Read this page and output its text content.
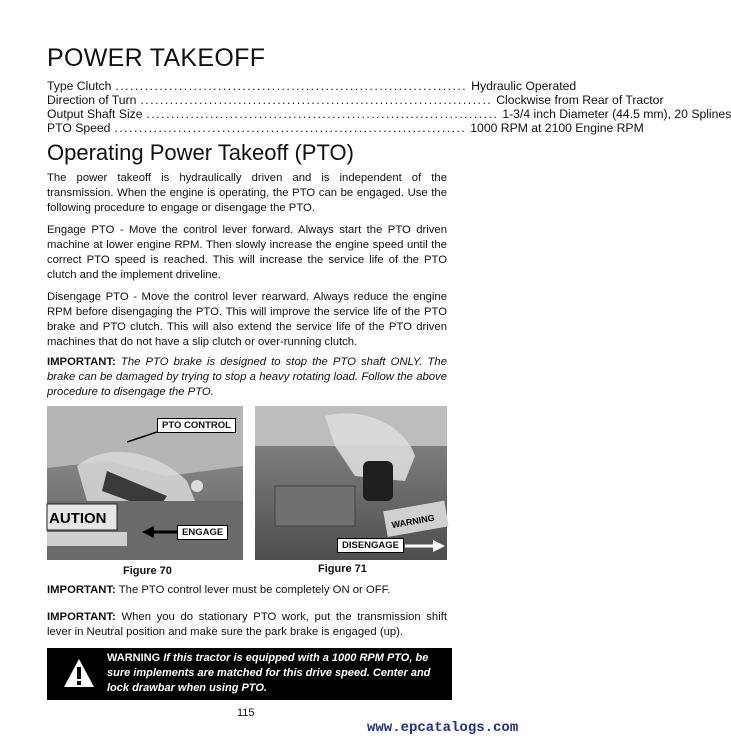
POWER TAKEOFF
Type Clutch ........................................................................ Hydraulic Operated
Direction of Turn ........................................................................ Clockwise from Rear of Tractor
Output Shaft Size ........................................................................ 1-3/4 inch Diameter (44.5 mm), 20 Splines
PTO Speed ........................................................................ 1000 RPM at 2100 Engine RPM
Operating Power Takeoff (PTO)
The power takeoff is hydraulically driven and is independent of the transmission. When the engine is operating, the PTO can be engaged. Use the following procedure to engage or disengage the PTO.
Engage PTO - Move the control lever forward. Always start the PTO driven machine at lower engine RPM. Then slowly increase the engine speed until the correct PTO speed is reached. This will increase the service life of the PTO clutch and the implement driveline.
Disengage PTO - Move the control lever rearward. Always reduce the engine RPM before disengaging the PTO. This will improve the service life of the PTO brake and PTO clutch. This will also extend the service life of the PTO driven machines that do not have a slip clutch or over-running clutch.
IMPORTANT: The PTO brake is designed to stop the PTO shaft ONLY. The brake can be damaged by trying to stop a heavy rotating load. Follow the above procedure to disengage the PTO.
AUTION
PTO CONTROL
ENGAGE
Figure 70
WARNING
DISENGAGE
Figure 71
IMPORTANT: The PTO control lever must be completely ON or OFF.
IMPORTANT: When you do stationary PTO work, put the transmission shift lever in Neutral position and make sure the park brake is engaged (up).
WARNING If this tractor is equipped with a 1000 RPM PTO, be sure implements are matched for this drive speed. Center and lock drawbar when using PTO.
115
www.epcatalogs.com
